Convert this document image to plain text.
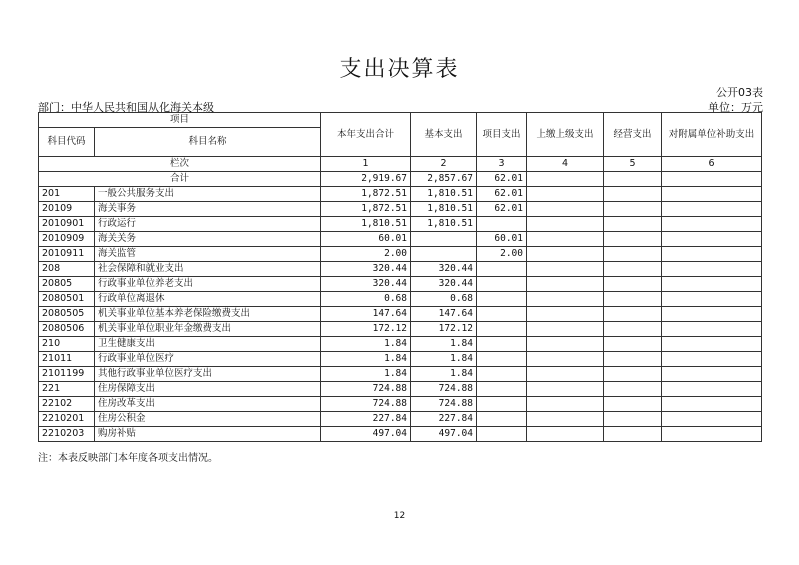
支出决算表
公开03表
部门：中华人民共和国从化海关本级	单位：万元
项目		本年支出合计	基本支出	项目支出	上缴上级支出	经营支出	对附属单位补助支出
科目代码	科目名称						
栏次		1	2	3	4	5	6
合计		2,919.67	2,857.67	62.01			
201	一般公共服务支出	1,872.51	1,810.51	62.01			
20109	海关事务	1,872.51	1,810.51	62.01			
2010901	行政运行	1,810.51	1,810.51				
2010909	海关关务	60.01		60.01			
2010911	海关监管	2.00		2.00			
208	社会保障和就业支出	320.44	320.44				
20805	行政事业单位养老支出	320.44	320.44				
2080501	行政单位离退休	0.68	0.68				
2080505	机关事业单位基本养老保险缴费支出	147.64	147.64				
2080506	机关事业单位职业年金缴费支出	172.12	172.12				
210	卫生健康支出	1.84	1.84				
21011	行政事业单位医疗	1.84	1.84				
2101199	其他行政事业单位医疗支出	1.84	1.84				
221	住房保障支出	724.88	724.88				
22102	住房改革支出	724.88	724.88				
2210201	住房公积金	227.84	227.84				
2210203	购房补贴	497.04	497.04				
注：本表反映部门本年度各项支出情况。
12
